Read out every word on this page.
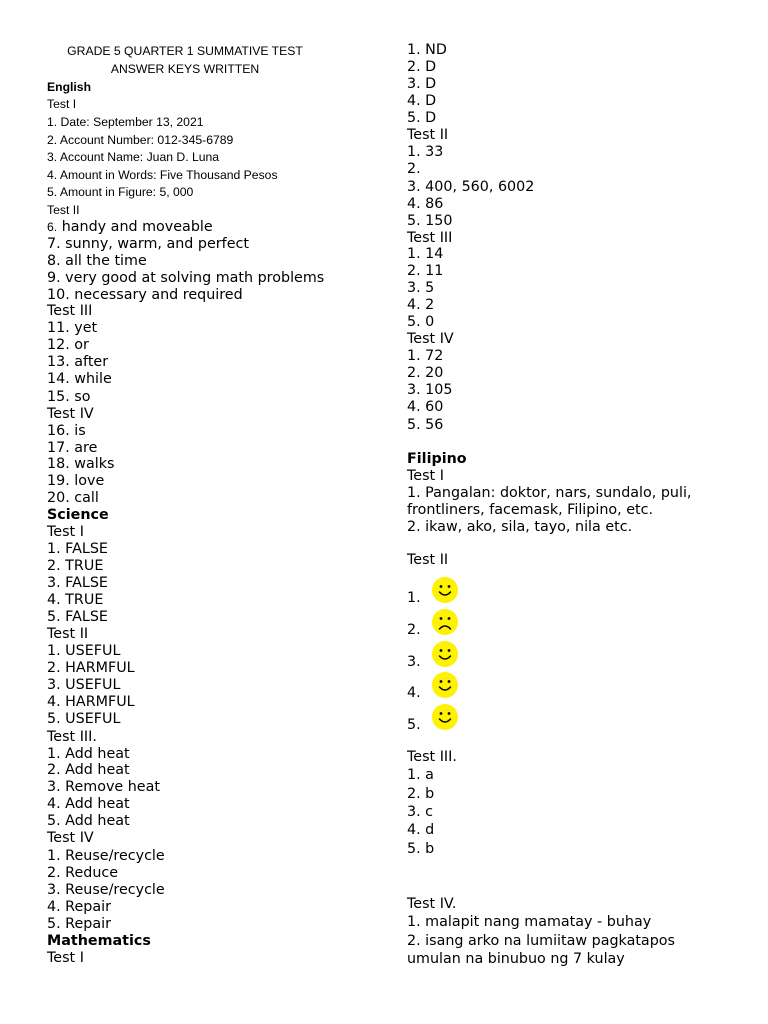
GRADE 5 QUARTER 1 SUMMATIVE TEST
ANSWER KEYS WRITTEN
English
Test I
1. Date: September 13, 2021
2. Account Number: 012-345-6789
3. Account Name: Juan D. Luna
4. Amount in Words: Five Thousand Pesos
5. Amount in Figure: 5, 000
Test II
6. handy and moveable
7. sunny, warm, and perfect
8. all the time
9. very good at solving math problems
10. necessary and required
Test III
11. yet
12. or
13. after
14. while
15. so
Test IV
16. is
17. are
18. walks
19. love
20. call
Science
Test I
1. FALSE
2. TRUE
3. FALSE
4. TRUE
5. FALSE
Test II
1. USEFUL
2. HARMFUL
3. USEFUL
4. HARMFUL
5. USEFUL
Test III.
1. Add heat
2. Add heat
3. Remove heat
4. Add heat
5. Add heat
Test IV
1. Reuse/recycle
2. Reduce
3. Reuse/recycle
4. Repair
5. Repair
Mathematics
Test I
1. ND
2. D
3. D
4. D
5. D
Test II
1. 33
2.
3. 400, 560, 6002
4. 86
5. 150
Test III
1. 14
2. 11
3. 5
4. 2
5. 0
Test IV
1. 72
2. 20
3. 105
4. 60
5. 56
Filipino
Test I
1. Pangalan: doktor, nars, sundalo, puli,
frontliners, facemask, Filipino, etc.
2. ikaw, ako, sila, tayo, nila etc.
Test II
1.
2.
3.
4.
5.
Test III.
1. a
2. b
3. c
4. d
5. b
Test IV.
1. malapit nang mamatay - buhay
2. isang arko na lumiitaw pagkatapos
umulan na binubuo ng 7 kulay
